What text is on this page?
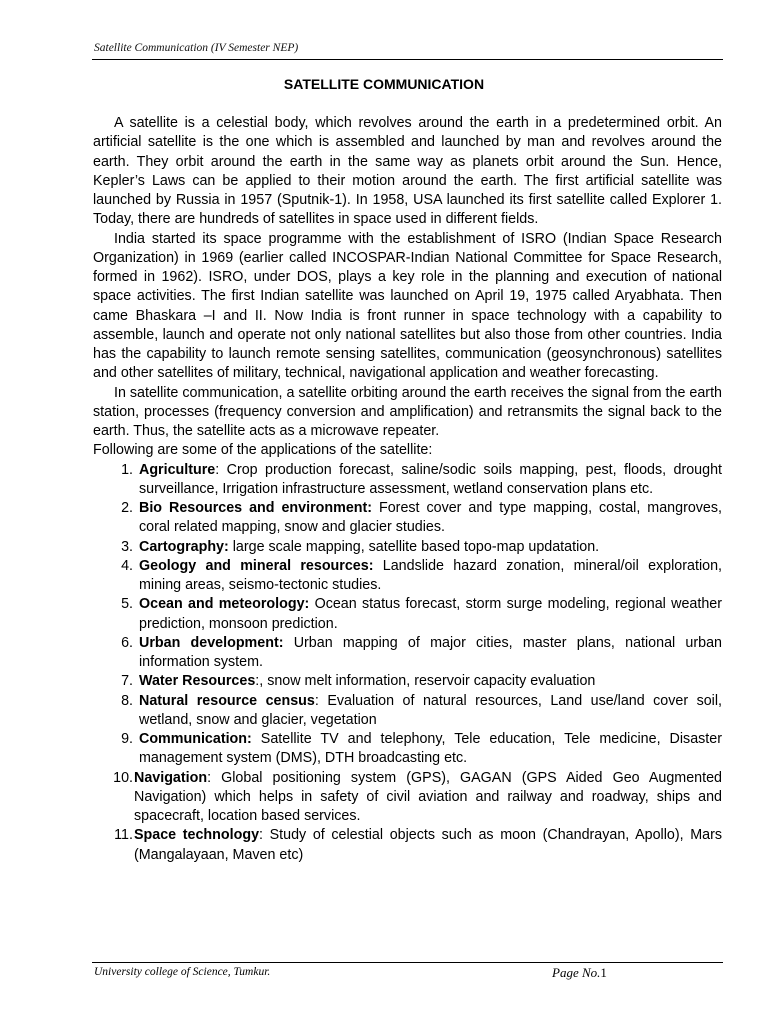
Satellite Communication (IV Semester NEP)
SATELLITE COMMUNICATION

A satellite is a celestial body, which revolves around the earth in a predetermined orbit. An artificial satellite is the one which is assembled and launched by man and revolves around the earth. They orbit around the earth in the same way as planets orbit around the Sun. Hence, Kepler’s Laws can be applied to their motion around the earth. The first artificial satellite was launched by Russia in 1957 (Sputnik-1). In 1958, USA launched its first satellite called Explorer 1. Today, there are hundreds of satellites in space used in different fields.

India started its space programme with the establishment of ISRO (Indian Space Research Organization) in 1969 (earlier called INCOSPAR-Indian National Committee for Space Research, formed in 1962). ISRO, under DOS, plays a key role in the planning and execution of national space activities. The first Indian satellite was launched on April 19, 1975 called Aryabhata. Then came Bhaskara –I and II. Now India is front runner in space technology with a capability to assemble, launch and operate not only national satellites but also those from other countries. India has the capability to launch remote sensing satellites, communication (geosynchronous) satellites and other satellites of military, technical, navigational application and weather forecasting.

In satellite communication, a satellite orbiting around the earth receives the signal from the earth station, processes (frequency conversion and amplification) and retransmits the signal back to the earth. Thus, the satellite acts as a microwave repeater.

Following are some of the applications of the satellite:

1. Agriculture: Crop production forecast, saline/sodic soils mapping, pest, floods, drought surveillance, Irrigation infrastructure assessment, wetland conservation plans etc.
2. Bio Resources and environment: Forest cover and type mapping, costal, mangroves, coral related mapping, snow and glacier studies.
3. Cartography: large scale mapping, satellite based topo-map updatation.
4. Geology and mineral resources: Landslide hazard zonation, mineral/oil exploration, mining areas, seismo-tectonic studies.
5. Ocean and meteorology: Ocean status forecast, storm surge modeling, regional weather prediction, monsoon prediction.
6. Urban development: Urban mapping of major cities, master plans, national urban information system.
7. Water Resources:, snow melt information, reservoir capacity evaluation
8. Natural resource census: Evaluation of natural resources, Land use/land cover soil, wetland, snow and glacier, vegetation
9. Communication: Satellite TV and telephony, Tele education, Tele medicine, Disaster management system (DMS), DTH broadcasting etc.
10. Navigation: Global positioning system (GPS), GAGAN (GPS Aided Geo Augmented Navigation) which helps in safety of civil aviation and railway and roadway, ships and spacecraft, location based services.
11. Space technology: Study of celestial objects such as moon (Chandrayan, Apollo), Mars (Mangalayaan, Maven etc)
University college of Science, Tumkur.	Page No.1
